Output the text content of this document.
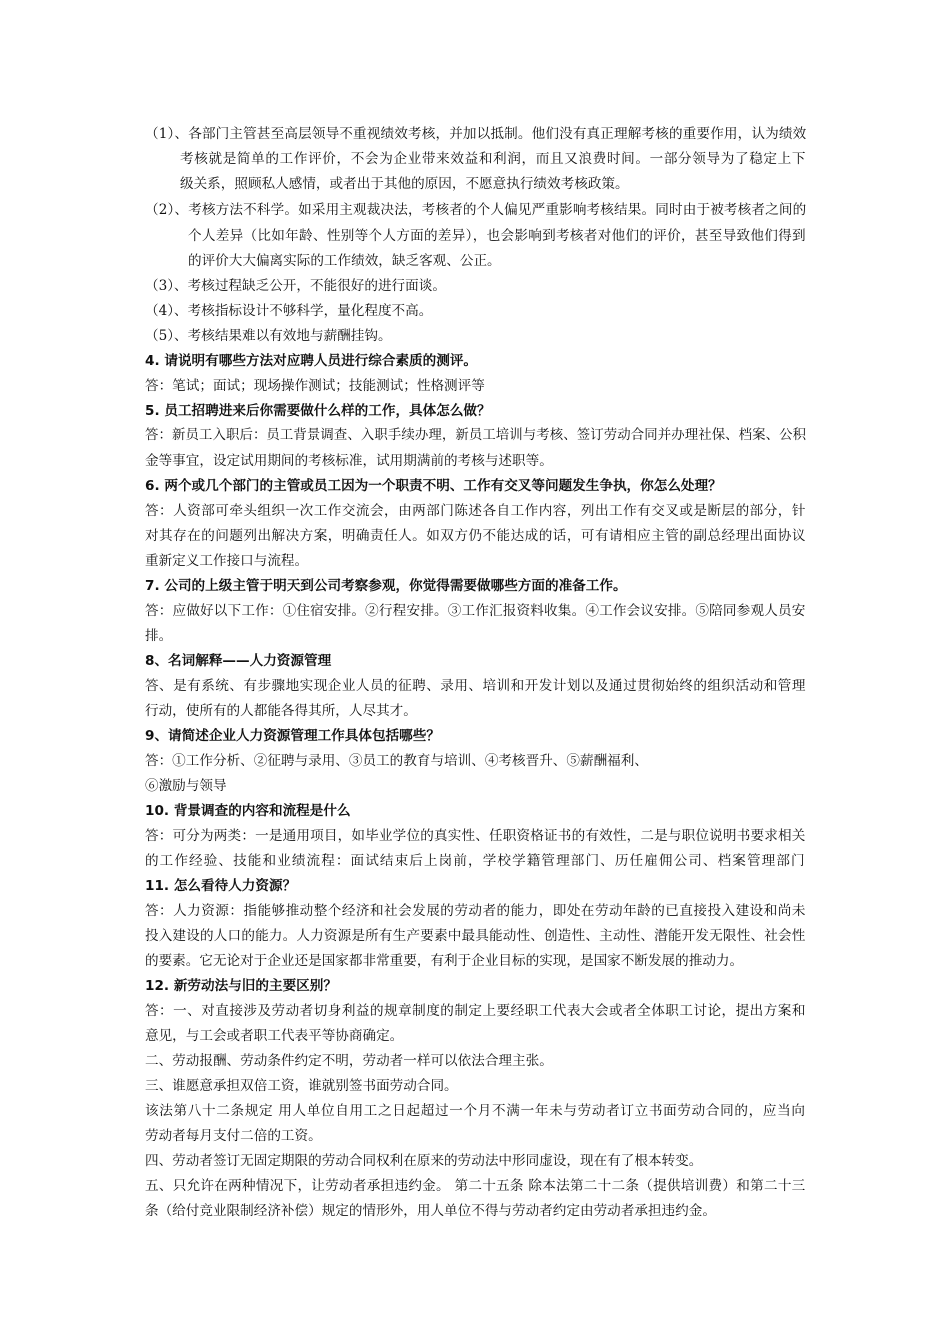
（1）、各部门主管甚至高层领导不重视绩效考核，并加以抵制。他们没有真正理解考核的重要作用，认为绩效
考核就是简单的工作评价，不会为企业带来效益和利润，而且又浪费时间。一部分领导为了稳定上下
级关系，照顾私人感情，或者出于其他的原因，不愿意执行绩效考核政策。
（2）、考核方法不科学。如采用主观裁决法，考核者的个人偏见严重影响考核结果。同时由于被考核者之间的
个人差异（比如年龄、性别等个人方面的差异），也会影响到考核者对他们的评价，甚至导致他们得到
的评价大大偏离实际的工作绩效，缺乏客观、公正。
（3）、考核过程缺乏公开，不能很好的进行面谈。
（4）、考核指标设计不够科学，量化程度不高。
（5）、考核结果难以有效地与薪酬挂钩。
4. 请说明有哪些方法对应聘人员进行综合素质的测评。
答：笔试；面试；现场操作测试；技能测试；性格测评等
5. 员工招聘进来后你需要做什么样的工作，具体怎么做？
答：新员工入职后：员工背景调查、入职手续办理，新员工培训与考核、签订劳动合同并办理社保、档案、公积
金等事宜，设定试用期间的考核标准，试用期满前的考核与述职等。
6. 两个或几个部门的主管或员工因为一个职责不明、工作有交叉等问题发生争执，你怎么处理？
答：人资部可牵头组织一次工作交流会，由两部门陈述各自工作内容，列出工作有交叉或是断层的部分，针
对其存在的问题列出解决方案，明确责任人。如双方仍不能达成的话，可有请相应主管的副总经理出面协议
重新定义工作接口与流程。
7. 公司的上级主管于明天到公司考察参观，你觉得需要做哪些方面的准备工作。
答：应做好以下工作：①住宿安排。②行程安排。③工作汇报资料收集。④工作会议安排。⑤陪同参观人员安
排。
8、名词解释——人力资源管理
答、是有系统、有步骤地实现企业人员的征聘、录用、培训和开发计划以及通过贯彻始终的组织活动和管理
行动，使所有的人都能各得其所，人尽其才。
9、请简述企业人力资源管理工作具体包括哪些？
答：①工作分析、②征聘与录用、③员工的教育与培训、④考核晋升、⑤薪酬福利、
⑥激励与领导
10. 背景调查的内容和流程是什么
答：可分为两类：一是通用项目，如毕业学位的真实性、任职资格证书的有效性，二是与职位说明书要求相关
的工作经验、技能和业绩流程：面试结束后上岗前，学校学籍管理部门、历任雇佣公司、档案管理部门
11. 怎么看待人力资源？
答：人力资源：指能够推动整个经济和社会发展的劳动者的能力，即处在劳动年龄的已直接投入建设和尚未
投入建设的人口的能力。人力资源是所有生产要素中最具能动性、创造性、主动性、潜能开发无限性、社会性
的要素。它无论对于企业还是国家都非常重要，有利于企业目标的实现，是国家不断发展的推动力。
12. 新劳动法与旧的主要区别？
答：一、对直接涉及劳动者切身利益的规章制度的制定上要经职工代表大会或者全体职工讨论，提出方案和
意见，与工会或者职工代表平等协商确定。
二、劳动报酬、劳动条件约定不明，劳动者一样可以依法合理主张。
三、谁愿意承担双倍工资，谁就别签书面劳动合同。
该法第八十二条规定 用人单位自用工之日起超过一个月不满一年未与劳动者订立书面劳动合同的，应当向
劳动者每月支付二倍的工资。
四、劳动者签订无固定期限的劳动合同权利在原来的劳动法中形同虚设，现在有了根本转变。
五、只允许在两种情况下，让劳动者承担违约金。 第二十五条 除本法第二十二条（提供培训费）和第二十三
条（给付竞业限制经济补偿）规定的情形外，用人单位不得与劳动者约定由劳动者承担违约金。
